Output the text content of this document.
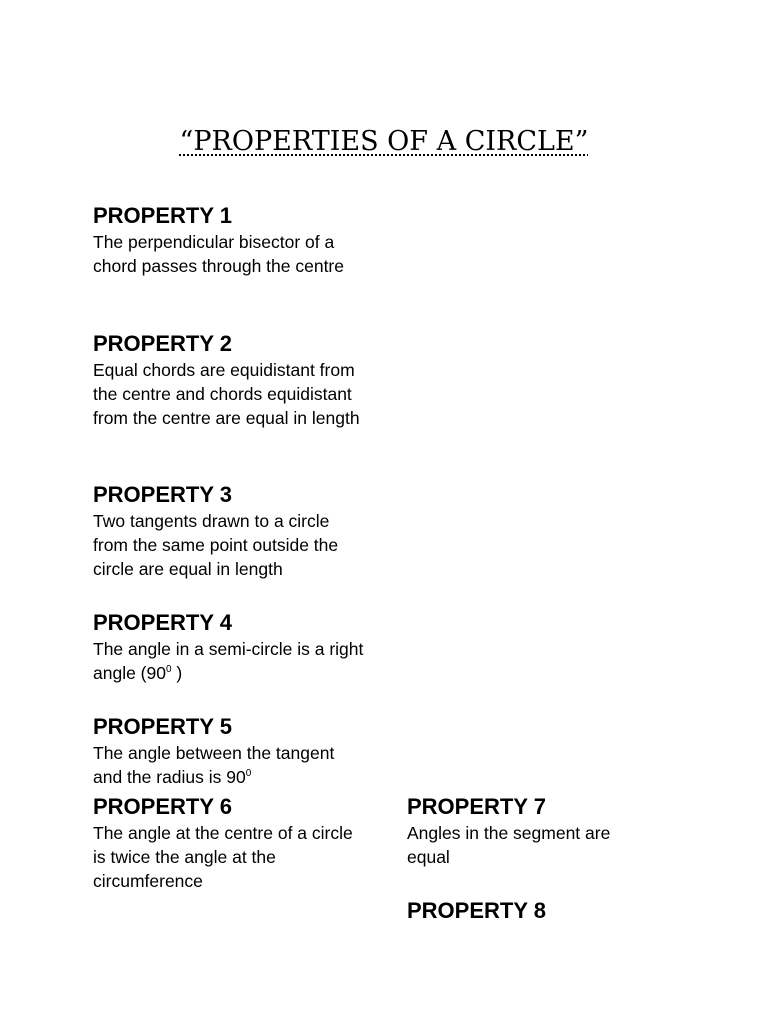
“PROPERTIES OF A CIRCLE”

PROPERTY 1

The perpendicular bisector of a chord passes through the centre

PROPERTY 2

Equal chords are equidistant from the centre and chords equidistant from the centre are equal in length

PROPERTY 3

Two tangents drawn to a circle from the same point outside the circle are equal in length

PROPERTY 4

The angle in a semi-circle is a right angle ($90^0$ )

PROPERTY 5

The angle between the tangent and the radius is $90^0$

PROPERTY 6

The angle at the centre of a circle is twice the angle at the circumference

PROPERTY 7

Angles in the segment are equal

PROPERTY 8
